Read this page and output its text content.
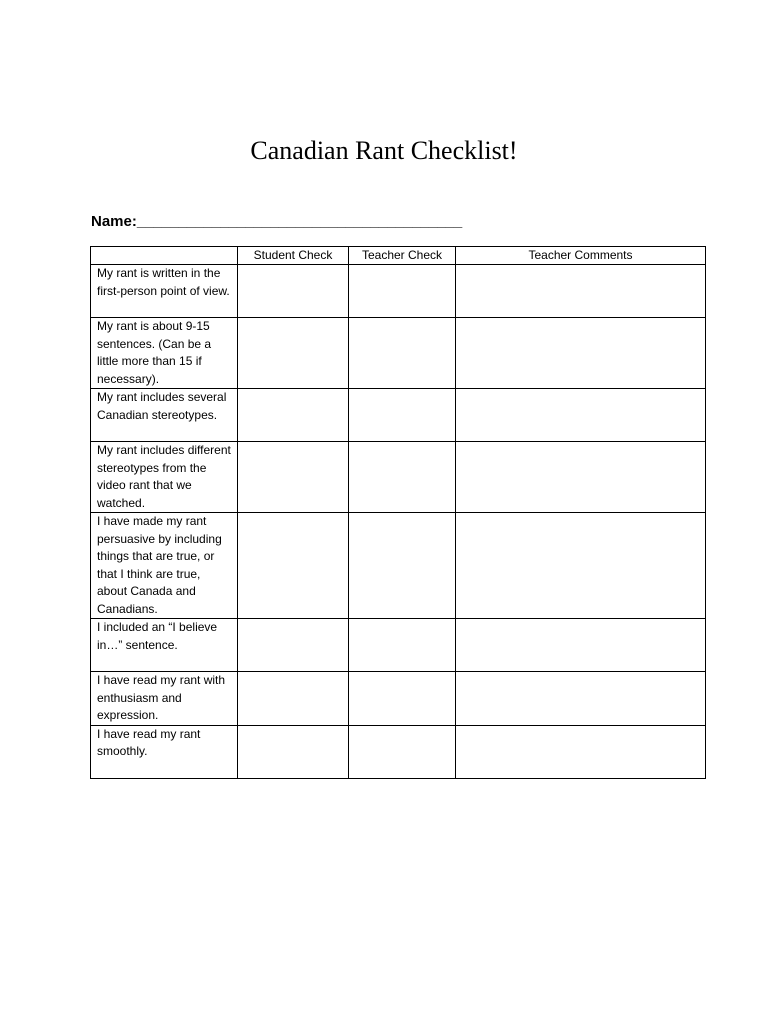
Canadian Rant Checklist!
Name:_______________________________________
	Student Check	Teacher Check	Teacher Comments
My rant is written in the first-person point of view.			
My rant is about 9-15 sentences. (Can be a little more than 15 if necessary).			
My rant includes several Canadian stereotypes.			
My rant includes different stereotypes from the video rant that we watched.			
I have made my rant persuasive by including things that are true, or that I think are true, about Canada and Canadians.			
I included an “I believe in…” sentence.			
I have read my rant with enthusiasm and expression.			
I have read my rant smoothly.			
